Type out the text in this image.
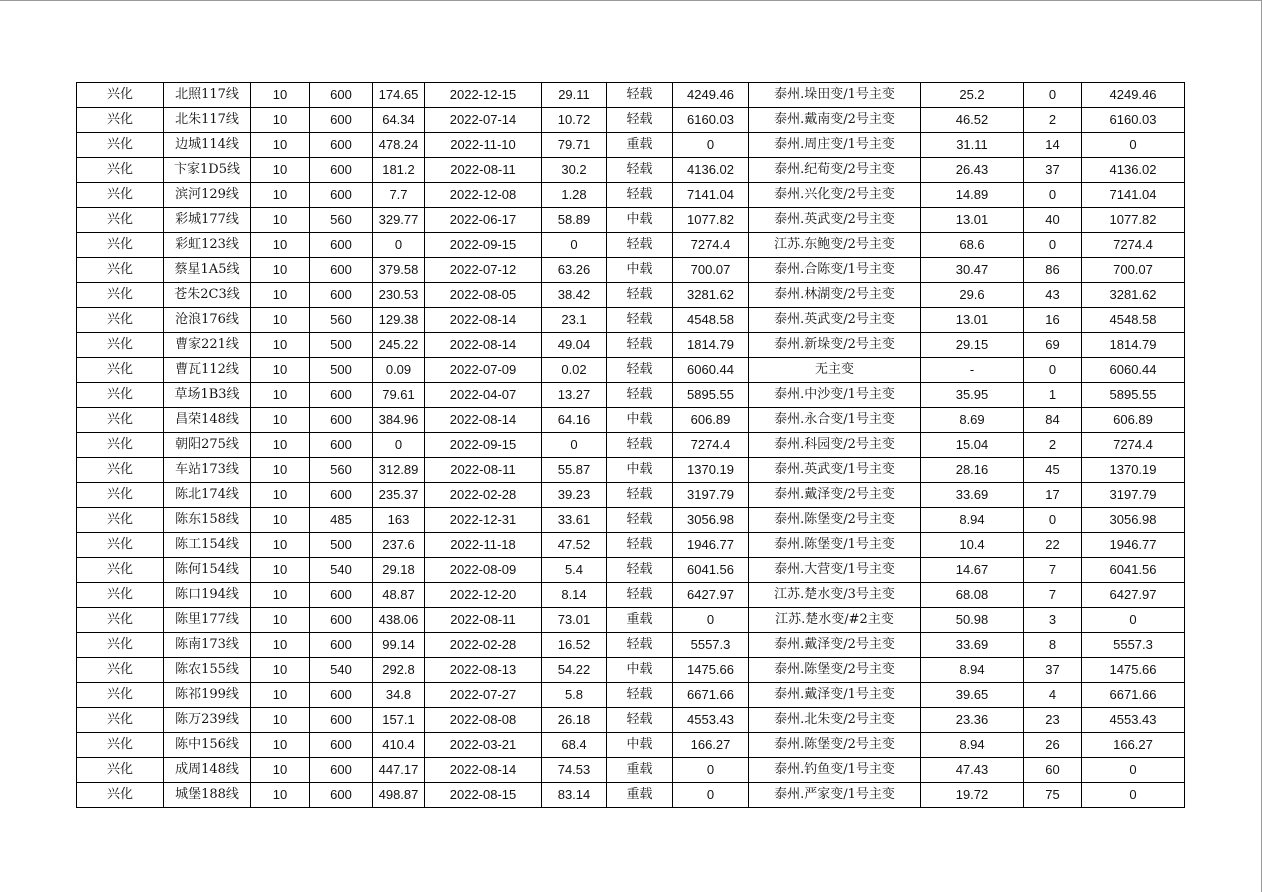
兴化	北照117线	10	600	174.65	2022-12-15	29.11	轻载	4249.46	泰州.垛田变/1号主变	25.2	0	4249.46
兴化	北朱117线	10	600	64.34	2022-07-14	10.72	轻载	6160.03	泰州.戴南变/2号主变	46.52	2	6160.03
兴化	边城114线	10	600	478.24	2022-11-10	79.71	重载	0	泰州.周庄变/1号主变	31.11	14	0
兴化	卞家1D5线	10	600	181.2	2022-08-11	30.2	轻载	4136.02	泰州.纪荀变/2号主变	26.43	37	4136.02
兴化	滨河129线	10	600	7.7	2022-12-08	1.28	轻载	7141.04	泰州.兴化变/2号主变	14.89	0	7141.04
兴化	彩城177线	10	560	329.77	2022-06-17	58.89	中载	1077.82	泰州.英武变/2号主变	13.01	40	1077.82
兴化	彩虹123线	10	600	0	2022-09-15	0	轻载	7274.4	江苏.东鲍变/2号主变	68.6	0	7274.4
兴化	蔡星1A5线	10	600	379.58	2022-07-12	63.26	中载	700.07	泰州.合陈变/1号主变	30.47	86	700.07
兴化	苍朱2C3线	10	600	230.53	2022-08-05	38.42	轻载	3281.62	泰州.林湖变/2号主变	29.6	43	3281.62
兴化	沧浪176线	10	560	129.38	2022-08-14	23.1	轻载	4548.58	泰州.英武变/2号主变	13.01	16	4548.58
兴化	曹家221线	10	500	245.22	2022-08-14	49.04	轻载	1814.79	泰州.新垛变/2号主变	29.15	69	1814.79
兴化	曹瓦112线	10	500	0.09	2022-07-09	0.02	轻载	6060.44	无主变	-	0	6060.44
兴化	草场1B3线	10	600	79.61	2022-04-07	13.27	轻载	5895.55	泰州.中沙变/1号主变	35.95	1	5895.55
兴化	昌荣148线	10	600	384.96	2022-08-14	64.16	中载	606.89	泰州.永合变/1号主变	8.69	84	606.89
兴化	朝阳275线	10	600	0	2022-09-15	0	轻载	7274.4	泰州.科园变/2号主变	15.04	2	7274.4
兴化	车站173线	10	560	312.89	2022-08-11	55.87	中载	1370.19	泰州.英武变/1号主变	28.16	45	1370.19
兴化	陈北174线	10	600	235.37	2022-02-28	39.23	轻载	3197.79	泰州.戴泽变/2号主变	33.69	17	3197.79
兴化	陈东158线	10	485	163	2022-12-31	33.61	轻载	3056.98	泰州.陈堡变/2号主变	8.94	0	3056.98
兴化	陈工154线	10	500	237.6	2022-11-18	47.52	轻载	1946.77	泰州.陈堡变/1号主变	10.4	22	1946.77
兴化	陈何154线	10	540	29.18	2022-08-09	5.4	轻载	6041.56	泰州.大营变/1号主变	14.67	7	6041.56
兴化	陈口194线	10	600	48.87	2022-12-20	8.14	轻载	6427.97	江苏.楚水变/3号主变	68.08	7	6427.97
兴化	陈里177线	10	600	438.06	2022-08-11	73.01	重载	0	江苏.楚水变/#2主变	50.98	3	0
兴化	陈南173线	10	600	99.14	2022-02-28	16.52	轻载	5557.3	泰州.戴泽变/2号主变	33.69	8	5557.3
兴化	陈农155线	10	540	292.8	2022-08-13	54.22	中载	1475.66	泰州.陈堡变/2号主变	8.94	37	1475.66
兴化	陈祁199线	10	600	34.8	2022-07-27	5.8	轻载	6671.66	泰州.戴泽变/1号主变	39.65	4	6671.66
兴化	陈万239线	10	600	157.1	2022-08-08	26.18	轻载	4553.43	泰州.北朱变/2号主变	23.36	23	4553.43
兴化	陈中156线	10	600	410.4	2022-03-21	68.4	中载	166.27	泰州.陈堡变/2号主变	8.94	26	166.27
兴化	成周148线	10	600	447.17	2022-08-14	74.53	重载	0	泰州.钓鱼变/1号主变	47.43	60	0
兴化	城堡188线	10	600	498.87	2022-08-15	83.14	重载	0	泰州.严家变/1号主变	19.72	75	0
